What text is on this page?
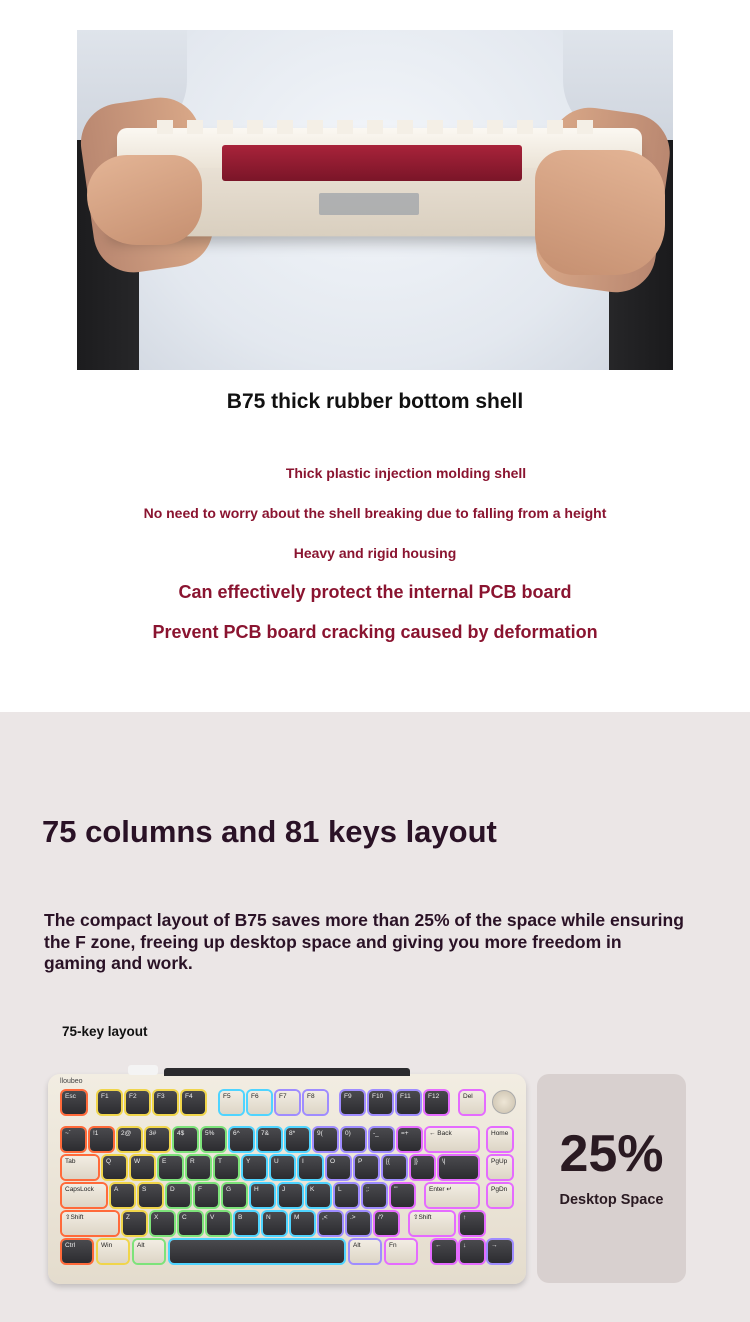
B75 thick rubber bottom shell

Thick plastic injection molding shell

No need to worry about the shell breaking due to falling from a height

Heavy and rigid housing

Can effectively protect the internal PCB board

Prevent PCB board cracking caused by deformation

75 columns and 81 keys layout

The compact layout of B75 saves more than 25% of the space while ensuring the F zone, freeing up desktop space and giving you more freedom in gaming and work.

75-key layout
lloubeo
Esc	F1	F2	F3	F4	F5	F6	F7	F8	F9	F10	F11	F12	Del
~`	!1	2@	3#	4$	5%	6^	7&	8*	9(	0)	-_	=+	← Back	Home
Tab	Q	W	E	R	T	Y	U	I	O	P	[{	]}	\|	PgUp
CapsLock	A	S	D	F	G	H	J	K	L	;:	'"	Enter ↵	PgDn
⇧Shift	Z	X	C	V	B	N	M	,<	.>	/?	⇧Shift	↑
Ctrl	Win	Alt	Alt	Fn	←	↓	→
25%
Desktop Space
